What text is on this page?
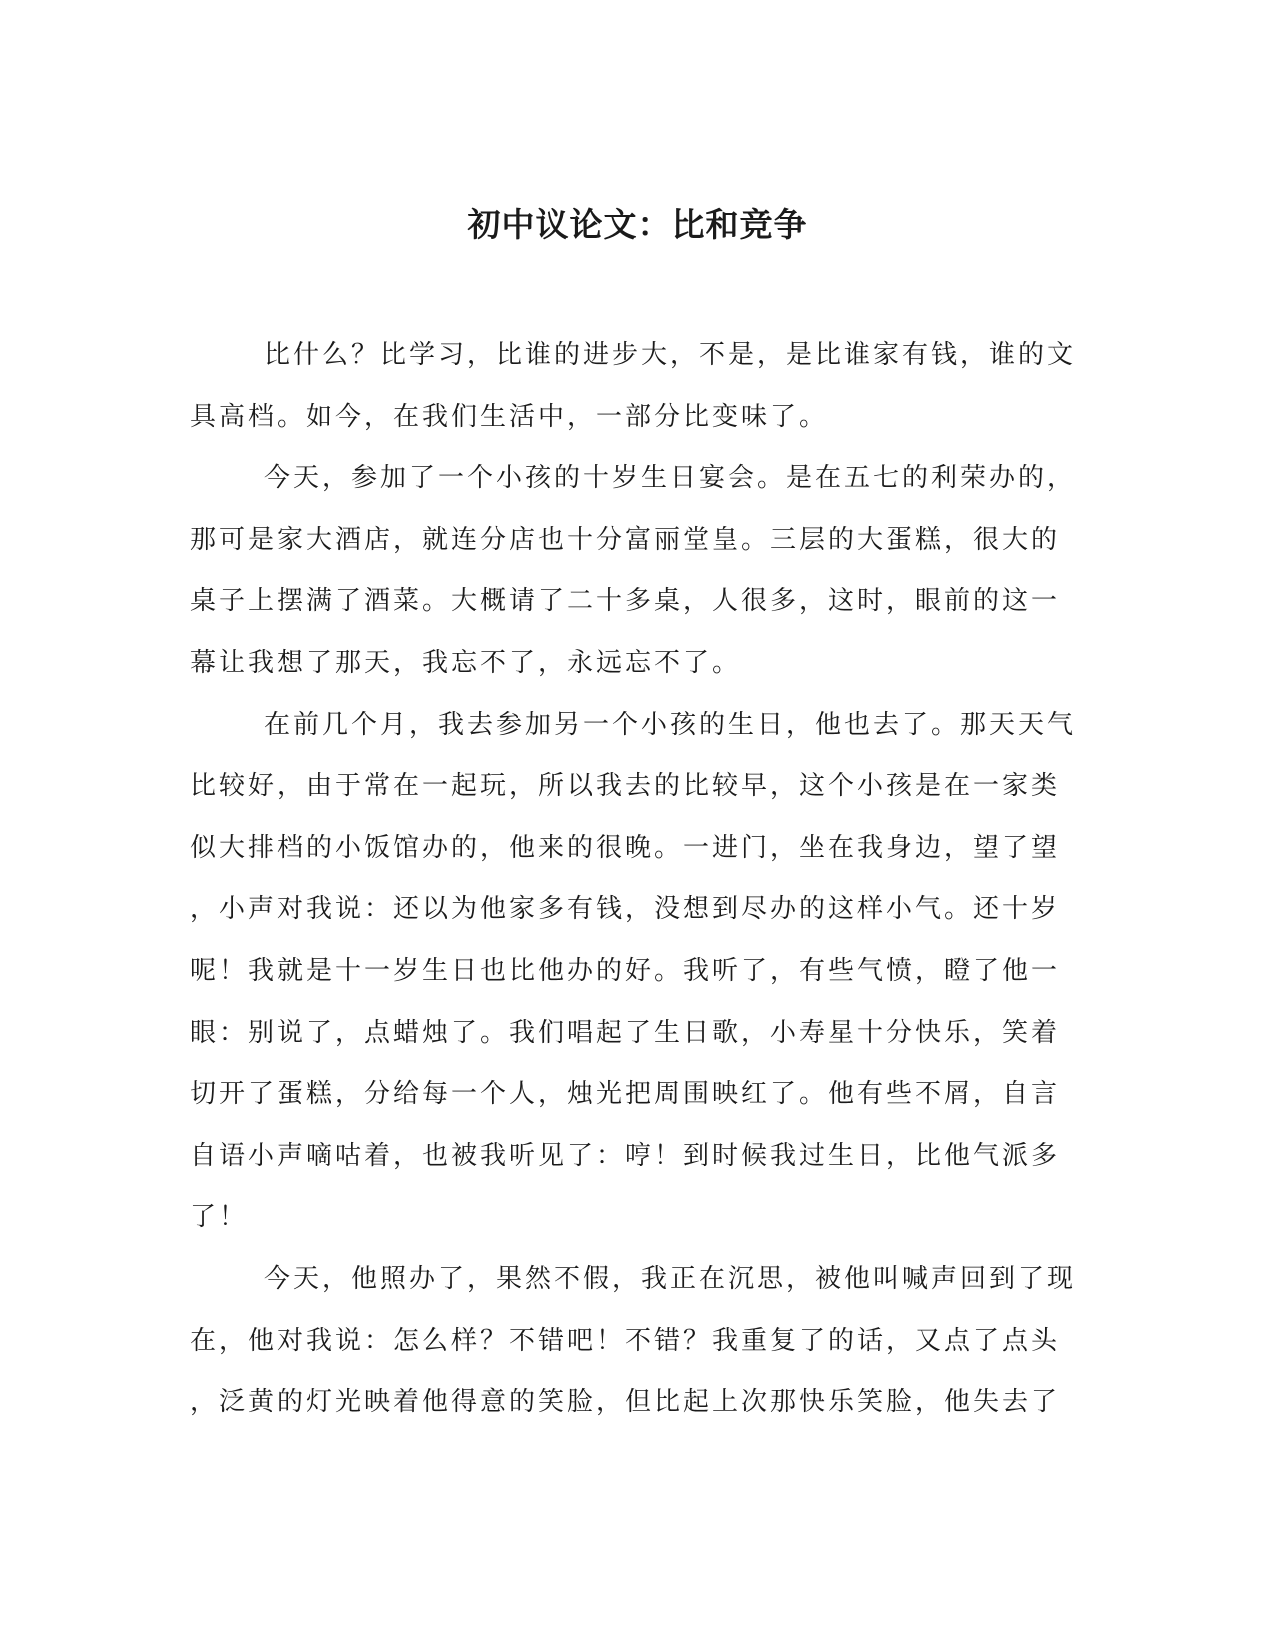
初中议论文：比和竞争
比什么？比学习，比谁的进步大，不是，是比谁家有钱，谁的文
具高档。如今，在我们生活中，一部分比变味了。
今天，参加了一个小孩的十岁生日宴会。是在五七的利荣办的，
那可是家大酒店，就连分店也十分富丽堂皇。三层的大蛋糕，很大的
桌子上摆满了酒菜。大概请了二十多桌，人很多，这时，眼前的这一
幕让我想了那天，我忘不了，永远忘不了。
在前几个月，我去参加另一个小孩的生日，他也去了。那天天气
比较好，由于常在一起玩，所以我去的比较早，这个小孩是在一家类
似大排档的小饭馆办的，他来的很晚。一进门，坐在我身边，望了望
，小声对我说：还以为他家多有钱，没想到尽办的这样小气。还十岁
呢！我就是十一岁生日也比他办的好。我听了，有些气愤，瞪了他一
眼：别说了，点蜡烛了。我们唱起了生日歌，小寿星十分快乐，笑着
切开了蛋糕，分给每一个人，烛光把周围映红了。他有些不屑，自言
自语小声嘀咕着，也被我听见了：哼！到时候我过生日，比他气派多
了！
今天，他照办了，果然不假，我正在沉思，被他叫喊声回到了现
在，他对我说：怎么样？不错吧！不错？我重复了的话，又点了点头
，泛黄的灯光映着他得意的笑脸，但比起上次那快乐笑脸，他失去了
